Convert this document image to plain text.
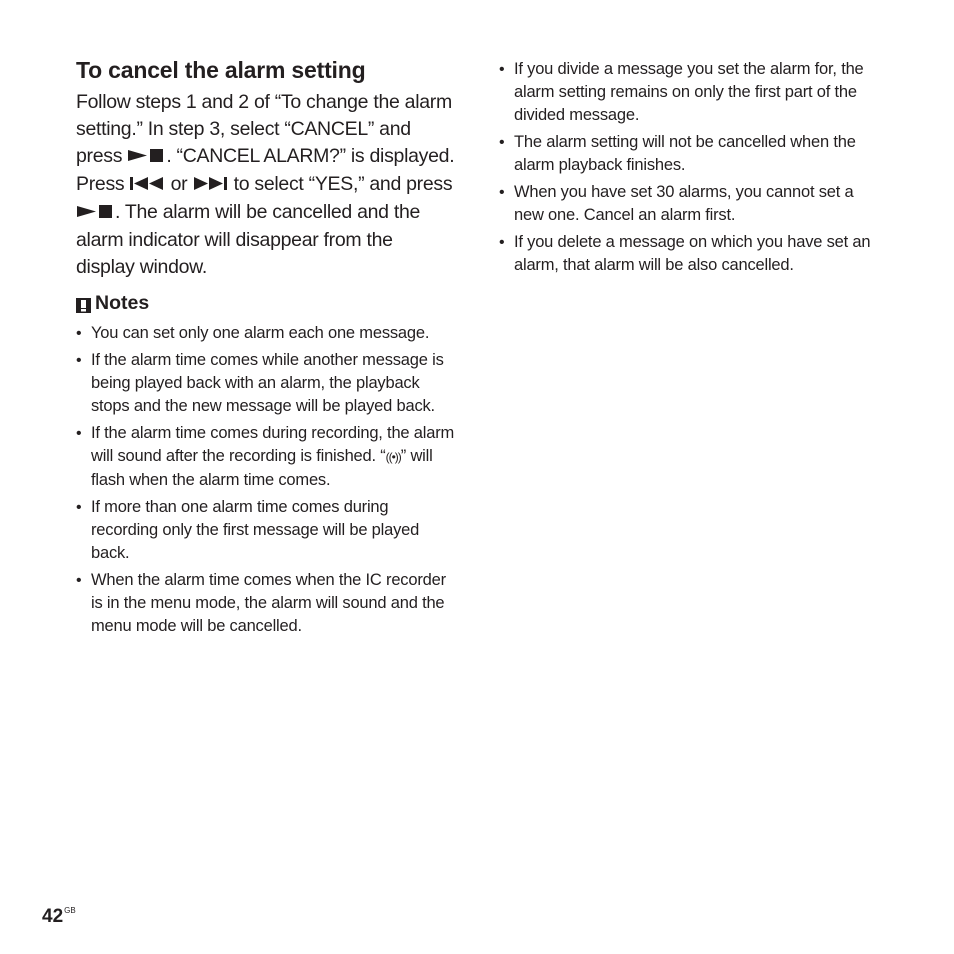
To cancel the alarm setting
Follow steps 1 and 2 of “To change the alarm setting.” In step 3, select “CANCEL” and press . “CANCEL ALARM?” is displayed. Press or to select “YES,” and press . The alarm will be cancelled and the alarm indicator will disappear from the display window.
Notes
• You can set only one alarm each one message.
• If the alarm time comes while another message is being played back with an alarm, the playback stops and the new message will be played back.
• If the alarm time comes during recording, the alarm will sound after the recording is finished. “((•))” will flash when the alarm time comes.
• If more than one alarm time comes during recording only the first message will be played back.
• When the alarm time comes when the IC recorder is in the menu mode, the alarm will sound and the menu mode will be cancelled.
• If you divide a message you set the alarm for, the alarm setting remains on only the first part of the divided message.
• The alarm setting will not be cancelled when the alarm playback finishes.
• When you have set 30 alarms, you cannot set a new one. Cancel an alarm first.
• If you delete a message on which you have set an alarm, that alarm will be also cancelled.
$42^{GB}$
